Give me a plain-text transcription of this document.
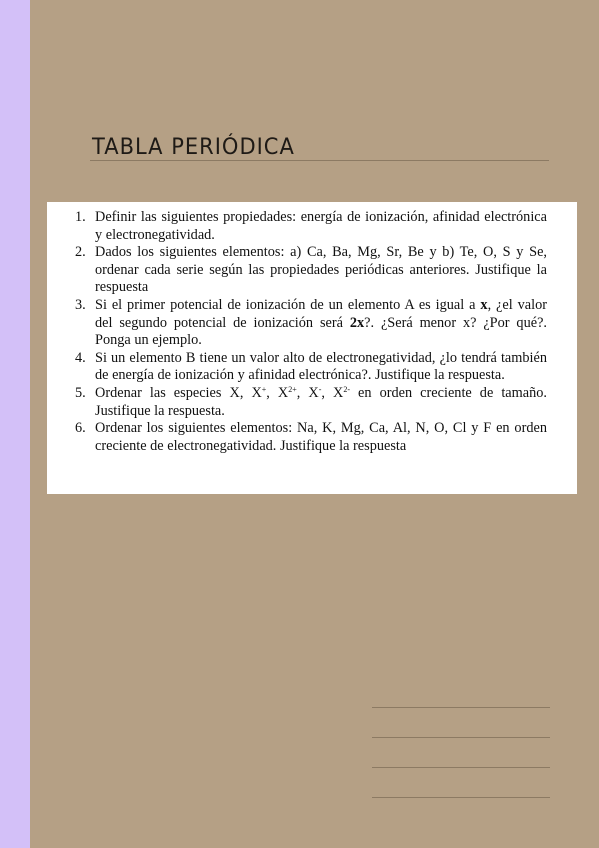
TABLA PERIÓDICA
1. Definir las siguientes propiedades: energía de ionización, afinidad electrónica y electronegatividad.
2. Dados los siguientes elementos: a) Ca, Ba, Mg, Sr, Be y b) Te, O, S y Se, ordenar cada serie según las propiedades periódicas anteriores. Justifique la respuesta
3. Si el primer potencial de ionización de un elemento A es igual a x, ¿el valor del segundo potencial de ionización será 2x?. ¿Será menor x? ¿Por qué?. Ponga un ejemplo.
4. Si un elemento B tiene un valor alto de electronegatividad, ¿lo tendrá también de energía de ionización y afinidad electrónica?. Justifique la respuesta.
5. Ordenar las especies X, X+, $X^{2+}$, X-, $X^{2-}$ en orden creciente de tamaño. Justifique la respuesta.
6. Ordenar los siguientes elementos: Na, K, Mg, Ca, Al, N, O, Cl y F en orden creciente de electronegatividad. Justifique la respuesta
